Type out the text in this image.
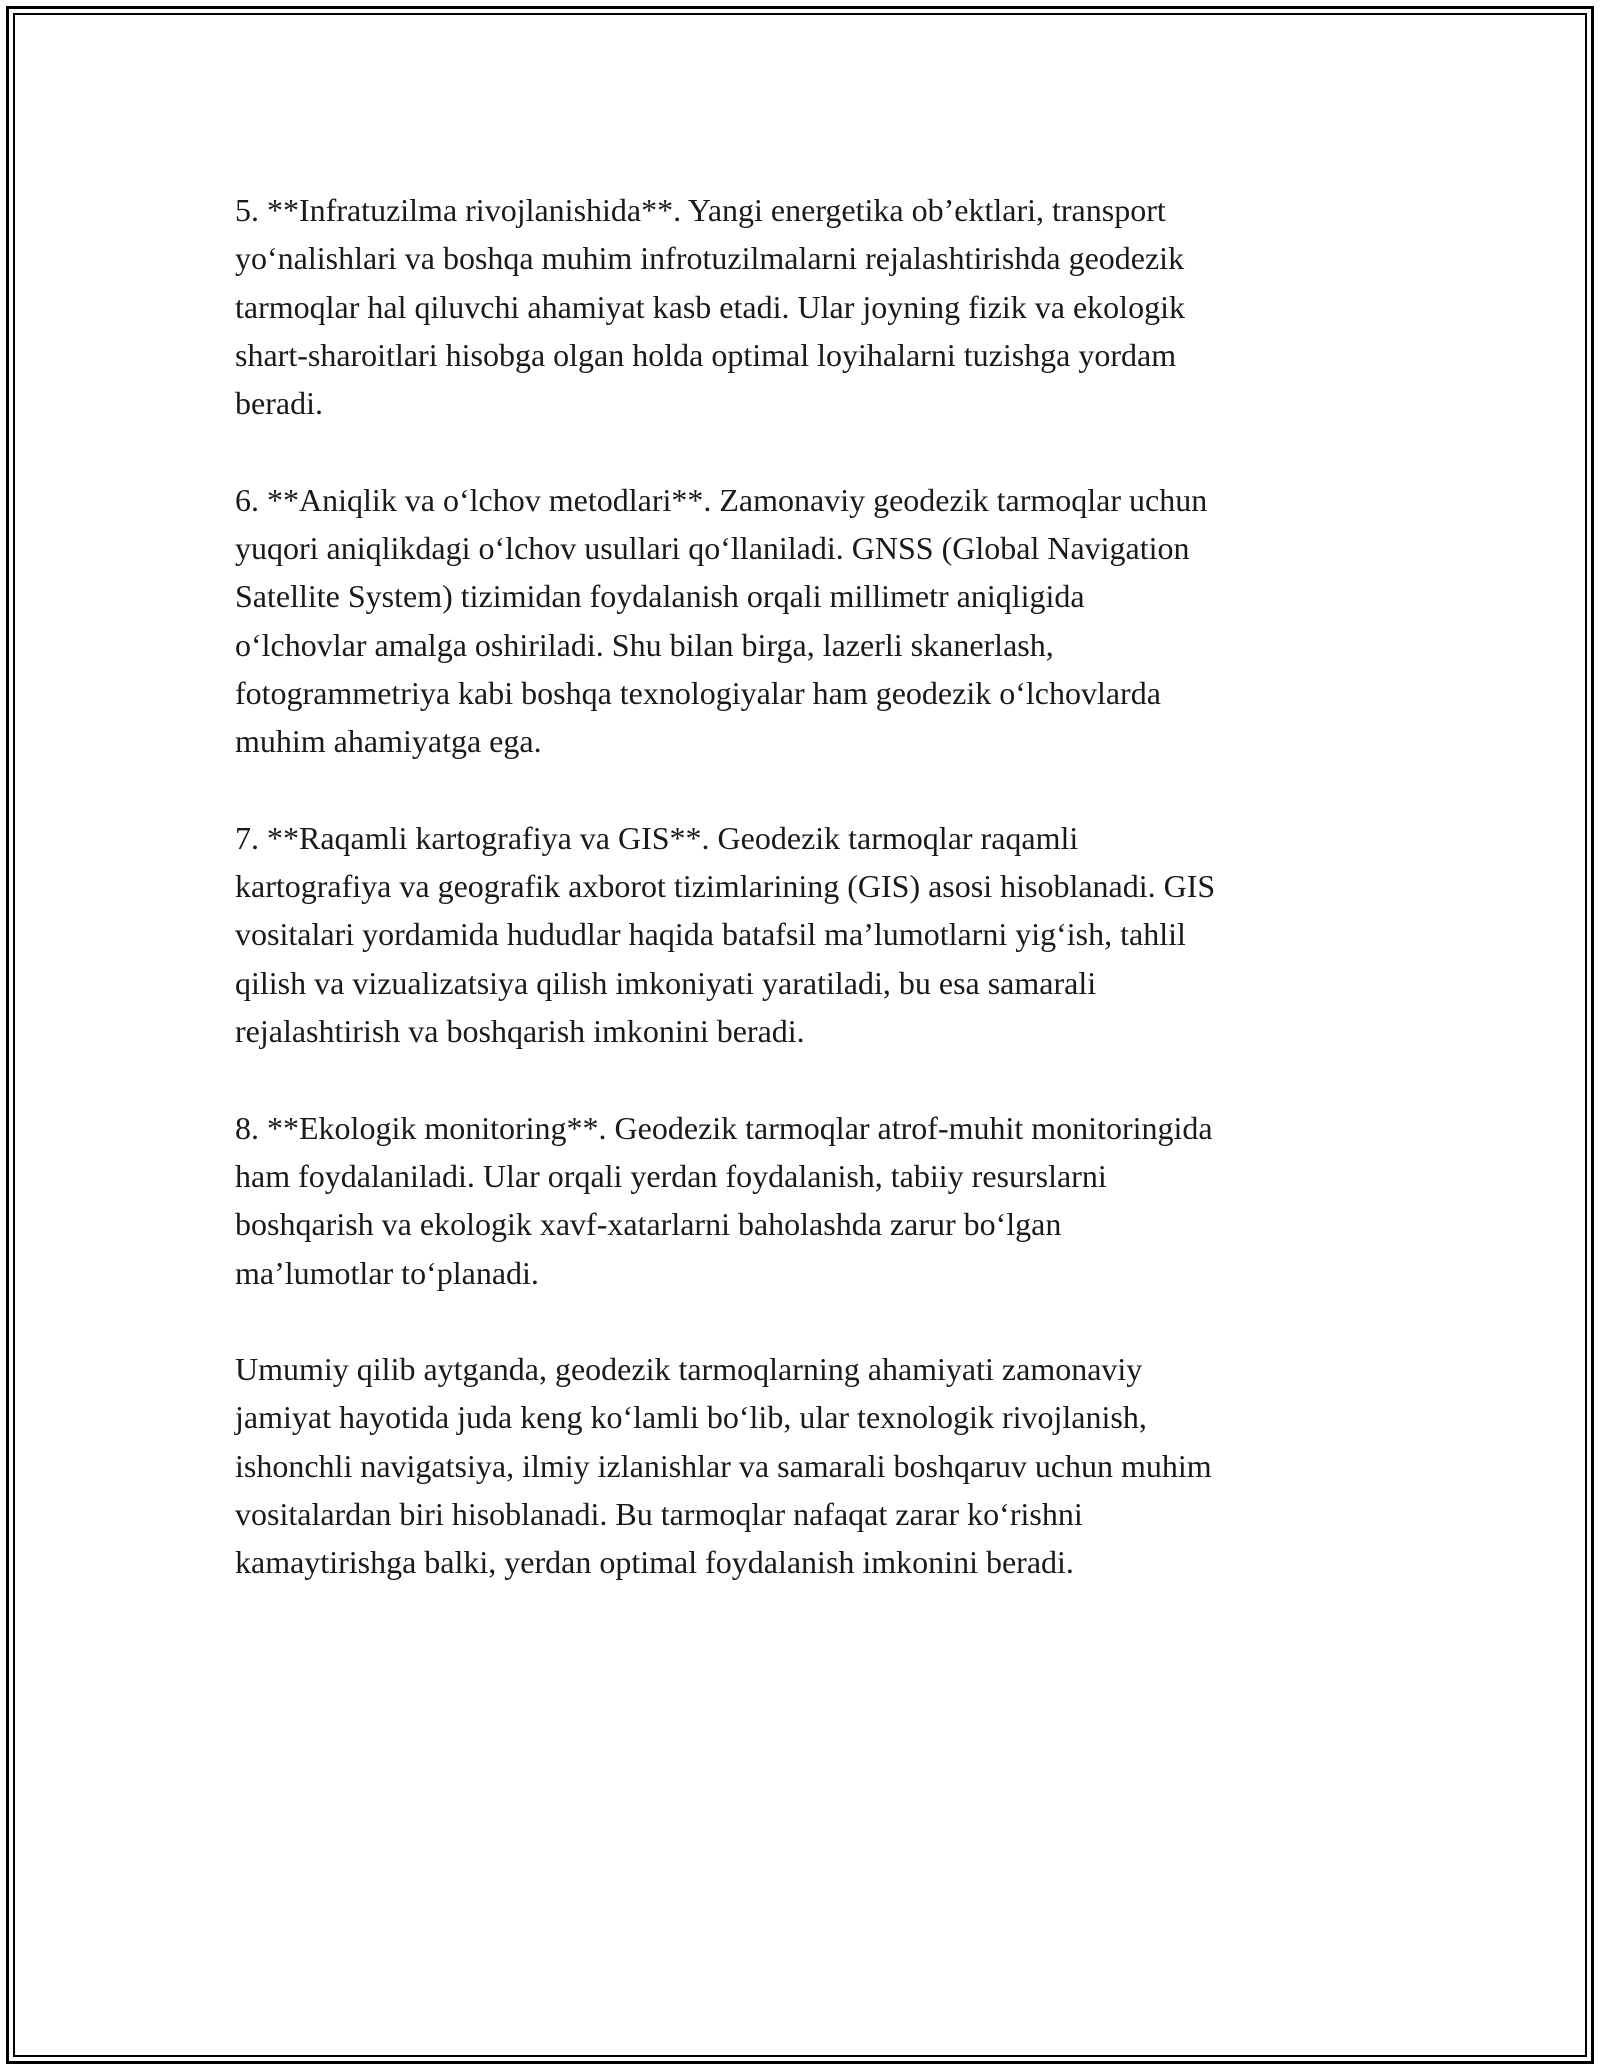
5. **Infratuzilma rivojlanishida**. Yangi energetika ob’ektlari, transport
yo‘nalishlari va boshqa muhim infrotuzilmalarni rejalashtirishda geodezik
tarmoqlar hal qiluvchi ahamiyat kasb etadi. Ular joyning fizik va ekologik
shart-sharoitlari hisobga olgan holda optimal loyihalarni tuzishga yordam
beradi.

6. **Aniqlik va o‘lchov metodlari**. Zamonaviy geodezik tarmoqlar uchun
yuqori aniqlikdagi o‘lchov usullari qo‘llaniladi. GNSS (Global Navigation
Satellite System) tizimidan foydalanish orqali millimetr aniqligida
o‘lchovlar amalga oshiriladi. Shu bilan birga, lazerli skanerlash,
fotogrammetriya kabi boshqa texnologiyalar ham geodezik o‘lchovlarda
muhim ahamiyatga ega.

7. **Raqamli kartografiya va GIS**. Geodezik tarmoqlar raqamli
kartografiya va geografik axborot tizimlarining (GIS) asosi hisoblanadi. GIS
vositalari yordamida hududlar haqida batafsil ma’lumotlarni yig‘ish, tahlil
qilish va vizualizatsiya qilish imkoniyati yaratiladi, bu esa samarali
rejalashtirish va boshqarish imkonini beradi.

8. **Ekologik monitoring**. Geodezik tarmoqlar atrof-muhit monitoringida
ham foydalaniladi. Ular orqali yerdan foydalanish, tabiiy resurslarni
boshqarish va ekologik xavf-xatarlarni baholashda zarur bo‘lgan
ma’lumotlar to‘planadi.

Umumiy qilib aytganda, geodezik tarmoqlarning ahamiyati zamonaviy
jamiyat hayotida juda keng ko‘lamli bo‘lib, ular texnologik rivojlanish,
ishonchli navigatsiya, ilmiy izlanishlar va samarali boshqaruv uchun muhim
vositalardan biri hisoblanadi. Bu tarmoqlar nafaqat zarar ko‘rishni
kamaytirishga balki, yerdan optimal foydalanish imkonini beradi.
